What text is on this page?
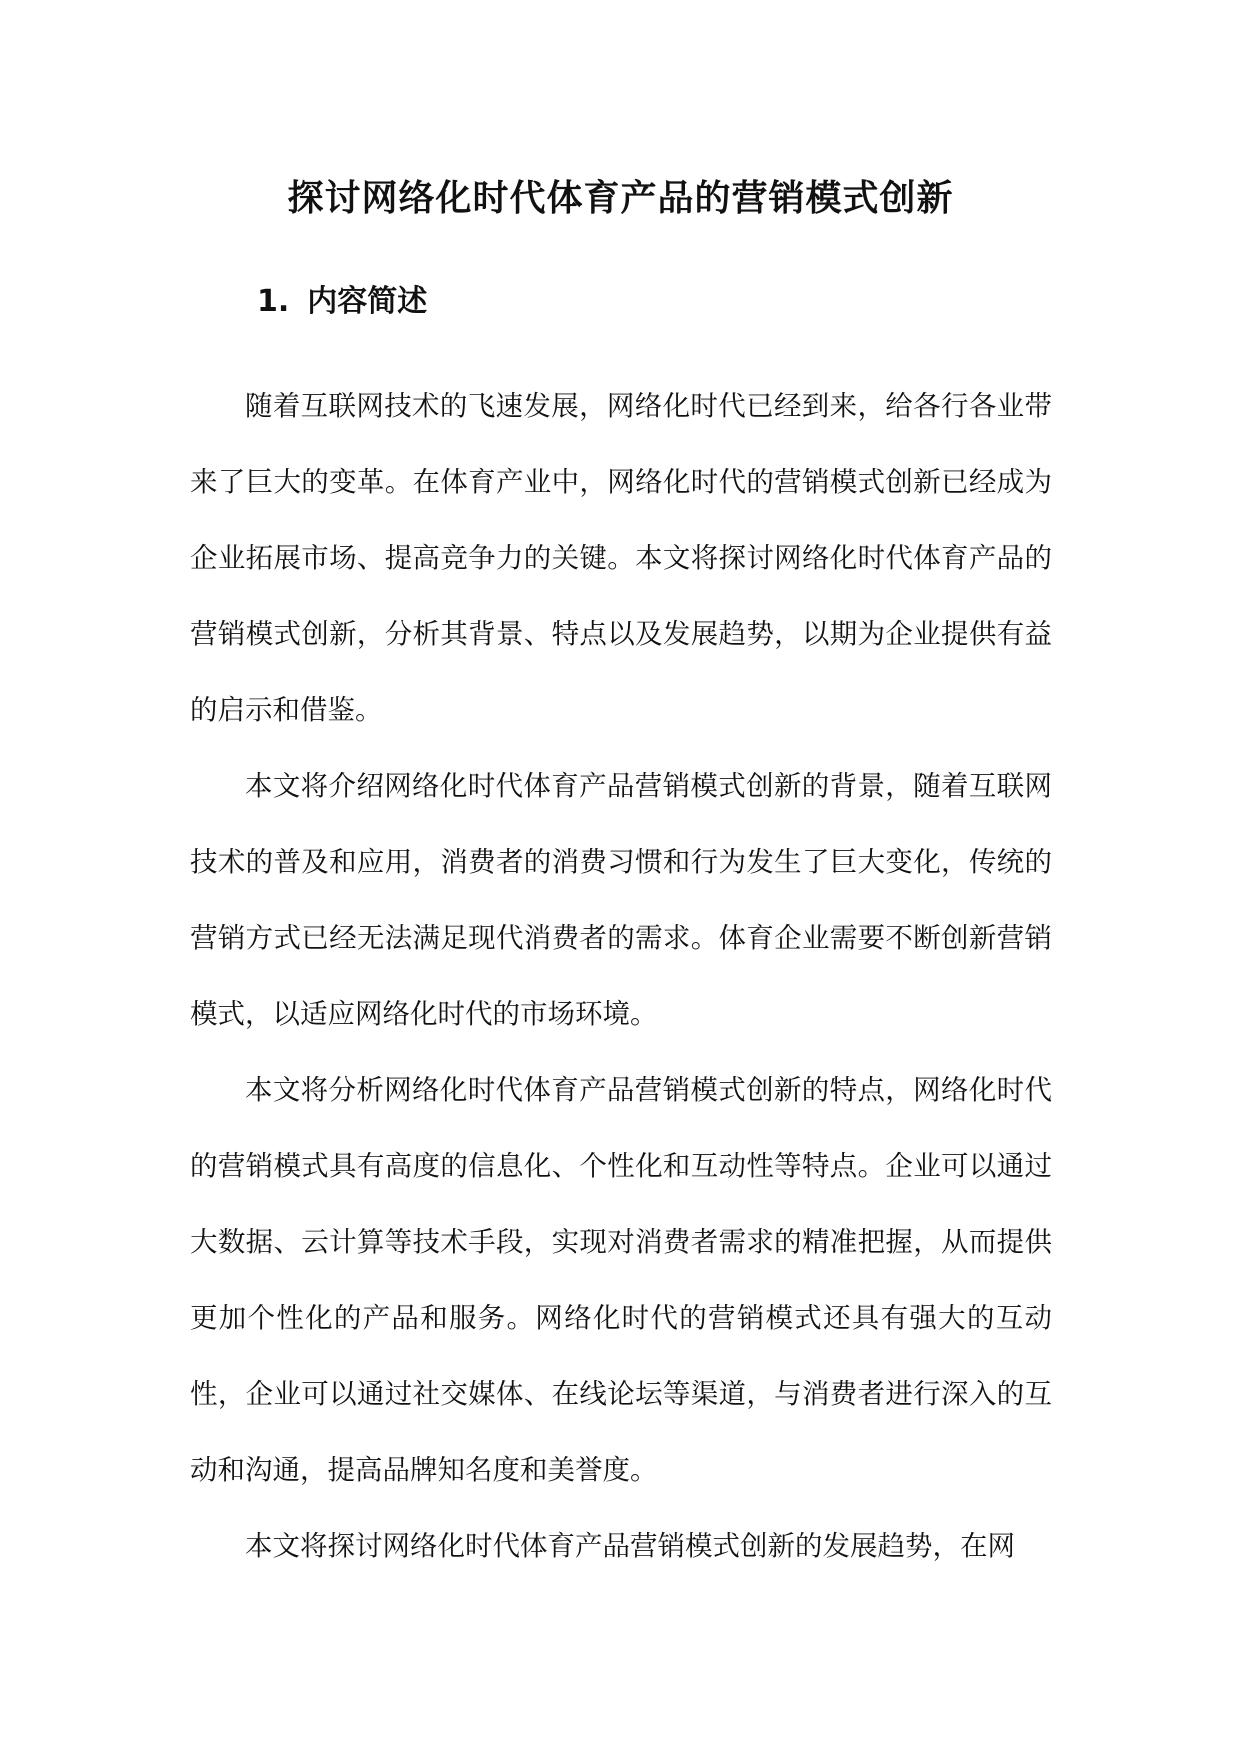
探讨网络化时代体育产品的营销模式创新
1. 内容简述

随着互联网技术的飞速发展，网络化时代已经到来，给各行各业带来了巨大的变革。在体育产业中，网络化时代的营销模式创新已经成为企业拓展市场、提高竞争力的关键。本文将探讨网络化时代体育产品的营销模式创新，分析其背景、特点以及发展趋势，以期为企业提供有益的启示和借鉴。

本文将介绍网络化时代体育产品营销模式创新的背景，随着互联网技术的普及和应用，消费者的消费习惯和行为发生了巨大变化，传统的营销方式已经无法满足现代消费者的需求。体育企业需要不断创新营销模式，以适应网络化时代的市场环境。

本文将分析网络化时代体育产品营销模式创新的特点，网络化时代的营销模式具有高度的信息化、个性化和互动性等特点。企业可以通过大数据、云计算等技术手段，实现对消费者需求的精准把握，从而提供更加个性化的产品和服务。网络化时代的营销模式还具有强大的互动性，企业可以通过社交媒体、在线论坛等渠道，与消费者进行深入的互动和沟通，提高品牌知名度和美誉度。

本文将探讨网络化时代体育产品营销模式创新的发展趋势，在网
